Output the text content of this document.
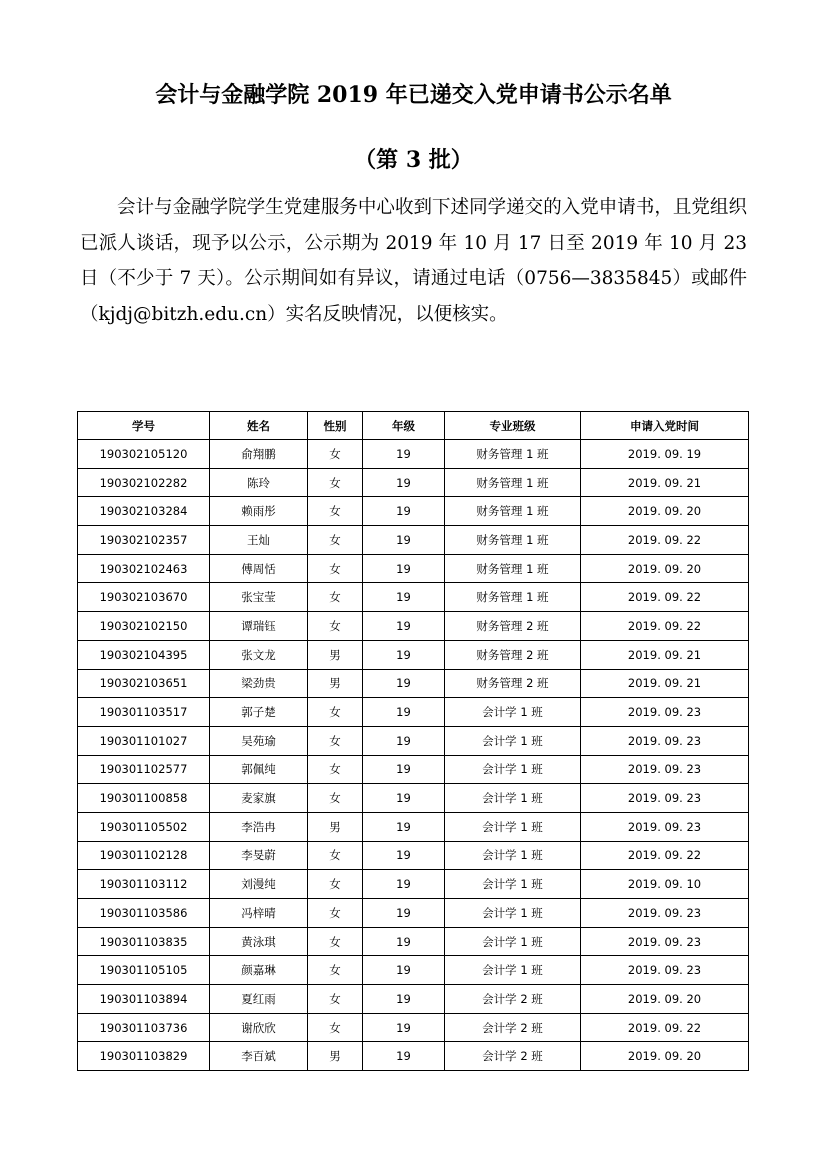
会计与金融学院 2019 年已递交入党申请书公示名单
（第 3 批）

会计与金融学院学生党建服务中心收到下述同学递交的入党申请书，且党组织已派人谈话，现予以公示，公示期为 2019 年 10 月 17 日至 2019 年 10 月 23 日（不少于 7 天）。公示期间如有异议，请通过电话（0756—3835845）或邮件（kjdj@bitzh.edu.cn）实名反映情况，以便核实。

学号	姓名	性别	年级	专业班级	申请入党时间
190302105120	俞翔鹏	女	19	财务管理 1 班	2019. 09. 19
190302102282	陈玲	女	19	财务管理 1 班	2019. 09. 21
190302103284	赖雨彤	女	19	财务管理 1 班	2019. 09. 20
190302102357	王灿	女	19	财务管理 1 班	2019. 09. 22
190302102463	傅周恬	女	19	财务管理 1 班	2019. 09. 20
190302103670	张宝莹	女	19	财务管理 1 班	2019. 09. 22
190302102150	谭瑞钰	女	19	财务管理 2 班	2019. 09. 22
190302104395	张文龙	男	19	财务管理 2 班	2019. 09. 21
190302103651	梁劲贵	男	19	财务管理 2 班	2019. 09. 21
190301103517	郭子楚	女	19	会计学 1 班	2019. 09. 23
190301101027	吴苑瑜	女	19	会计学 1 班	2019. 09. 23
190301102577	郭佩纯	女	19	会计学 1 班	2019. 09. 23
190301100858	麦家旗	女	19	会计学 1 班	2019. 09. 23
190301105502	李浩冉	男	19	会计学 1 班	2019. 09. 23
190301102128	李旻蔚	女	19	会计学 1 班	2019. 09. 22
190301103112	刘漫纯	女	19	会计学 1 班	2019. 09. 10
190301103586	冯梓晴	女	19	会计学 1 班	2019. 09. 23
190301103835	黄泳琪	女	19	会计学 1 班	2019. 09. 23
190301105105	颜嘉琳	女	19	会计学 1 班	2019. 09. 23
190301103894	夏红雨	女	19	会计学 2 班	2019. 09. 20
190301103736	谢欣欣	女	19	会计学 2 班	2019. 09. 22
190301103829	李百斌	男	19	会计学 2 班	2019. 09. 20
